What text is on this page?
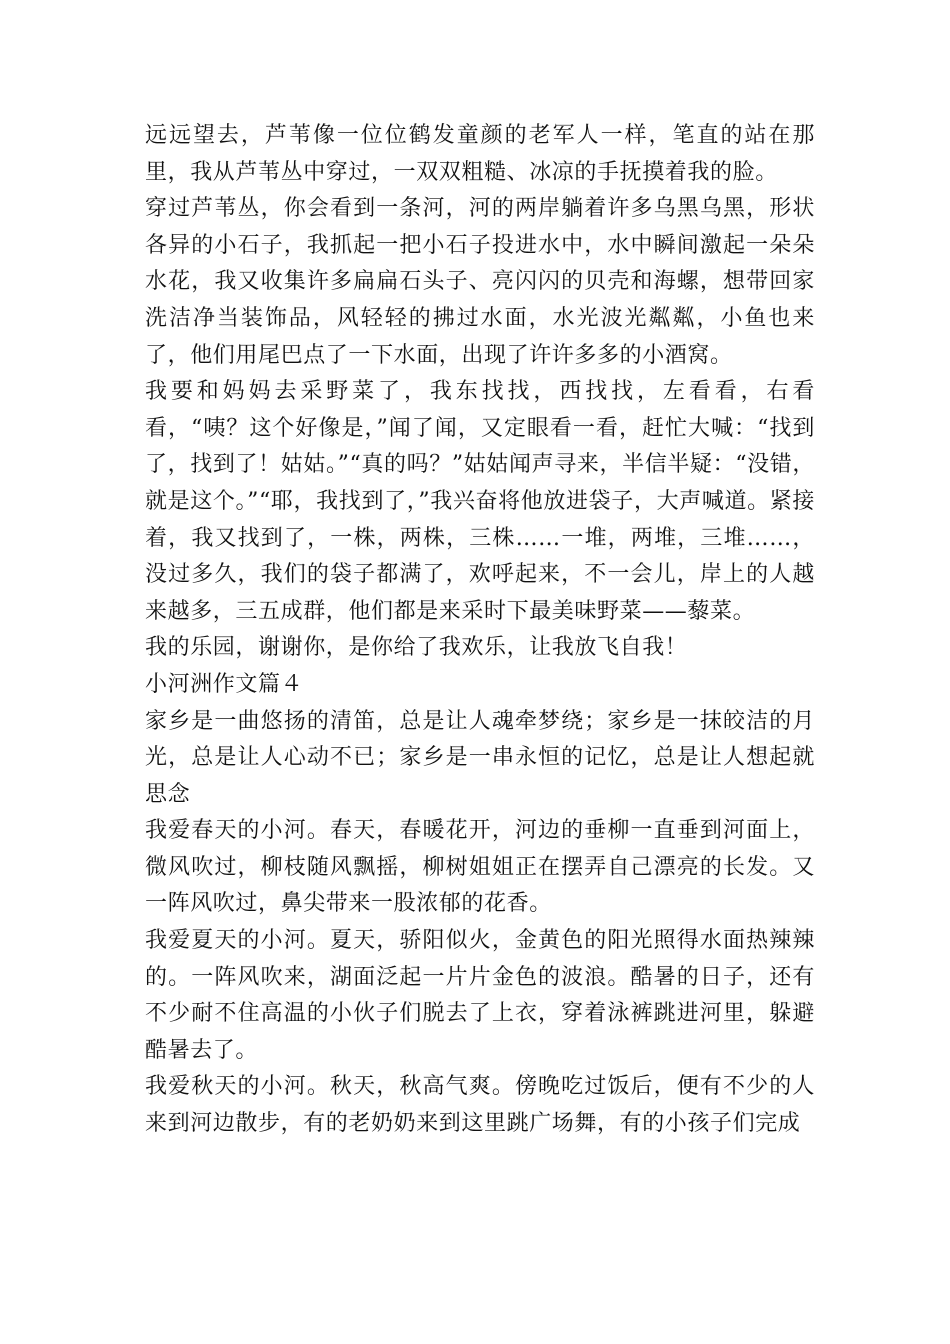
远远望去，芦苇像一位位鹤发童颜的老军人一样，笔直的站在那里，我从芦苇丛中穿过，一双双粗糙、冰凉的手抚摸着我的脸。

穿过芦苇丛，你会看到一条河，河的两岸躺着许多乌黑乌黑，形状各异的小石子，我抓起一把小石子投进水中，水中瞬间激起一朵朵水花，我又收集许多扁扁石头子、亮闪闪的贝壳和海螺，想带回家洗洁净当装饰品，风轻轻的拂过水面，水光波光粼粼，小鱼也来了，他们用尾巴点了一下水面，出现了许许多多的小酒窝。

我要和妈妈去采野菜了，我东找找，西找找，左看看，右看看，“咦？这个好像是，”闻了闻，又定眼看一看，赶忙大喊：“找到了，找到了！姑姑。”“真的吗？”姑姑闻声寻来，半信半疑：“没错，就是这个。”“耶，我找到了，”我兴奋将他放进袋子，大声喊道。紧接着，我又找到了，一株，两株，三株……一堆，两堆，三堆……，没过多久，我们的袋子都满了，欢呼起来，不一会儿，岸上的人越来越多，三五成群，他们都是来采时下最美味野菜——藜菜。

我的乐园，谢谢你，是你给了我欢乐，让我放飞自我！

小河洲作文篇４

家乡是一曲悠扬的清笛，总是让人魂牵梦绕；家乡是一抹皎洁的月光，总是让人心动不已；家乡是一串永恒的记忆，总是让人想起就思念

我爱春天的小河。春天，春暖花开，河边的垂柳一直垂到河面上，微风吹过，柳枝随风飘摇，柳树姐姐正在摆弄自己漂亮的长发。又一阵风吹过，鼻尖带来一股浓郁的花香。

我爱夏天的小河。夏天，骄阳似火，金黄色的阳光照得水面热辣辣的。一阵风吹来，湖面泛起一片片金色的波浪。酷暑的日子，还有不少耐不住高温的小伙子们脱去了上衣，穿着泳裤跳进河里，躲避酷暑去了。

我爱秋天的小河。秋天，秋高气爽。傍晚吃过饭后，便有不少的人来到河边散步，有的老奶奶来到这里跳广场舞，有的小孩子们完成
